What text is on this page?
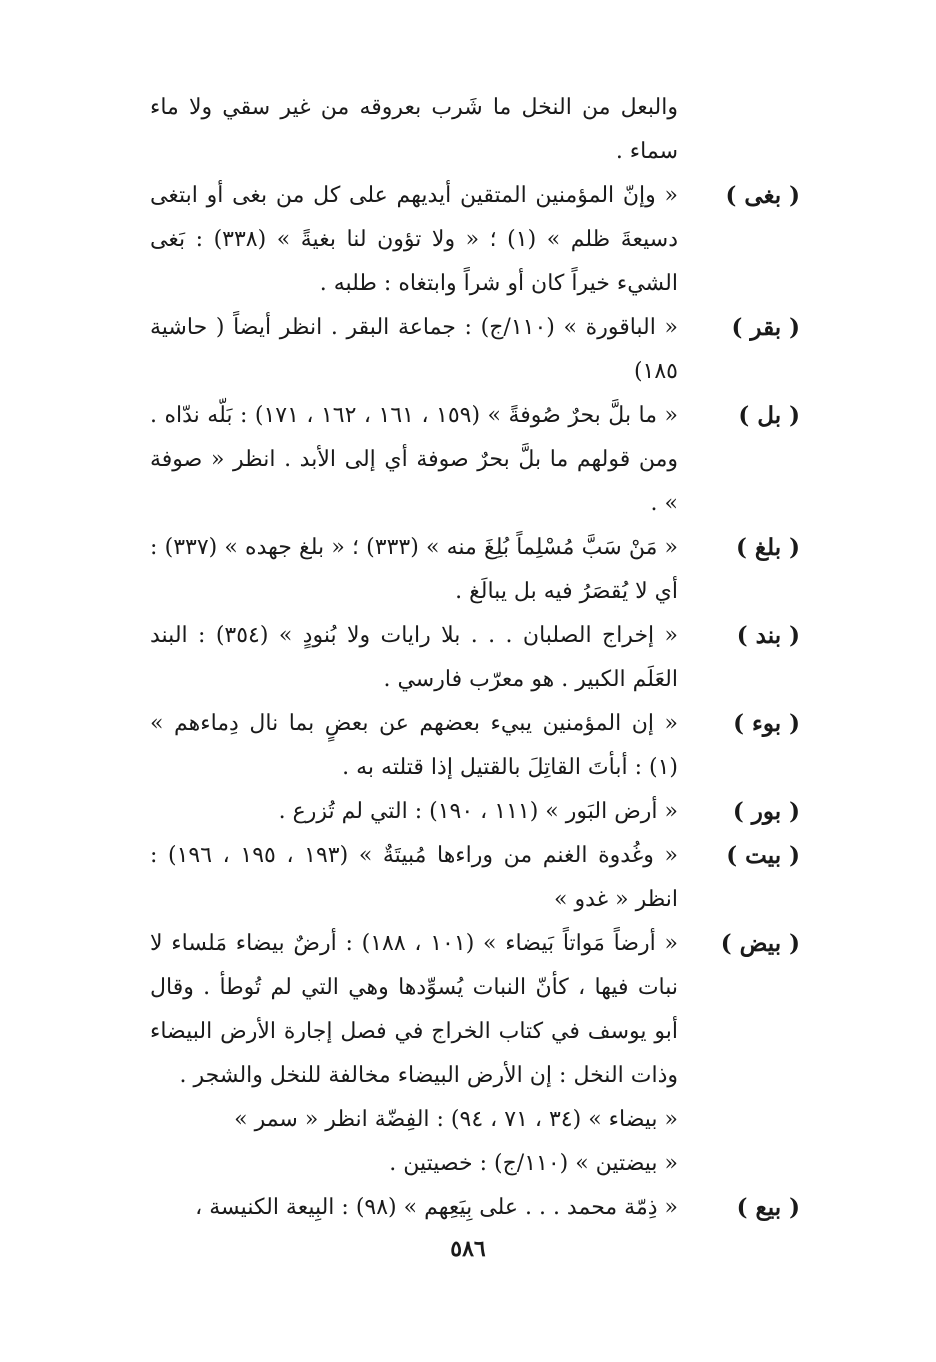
والبعل من النخل ما شَرب بعروقه من غير سقي ولا ماء سماء .

( بغى )

« وإنّ المؤمنين المتقين أيديهم على كل من بغى أو ابتغى دسيعةَ ظلم » (١) ؛ « ولا تؤون لنا بغيةً » (٣٣٨) : بَغى الشيء خيراً كان أو شراً وابتغاه : طلبه .

( بقر )

« الباقورة » (١١٠/ج) : جماعة البقر . انظر أيضاً ( حاشية ١٨٥)

( بل )

« ما بلَّ بحرٌ صُوفةً » (١٥٩ ، ١٦١ ، ١٦٢ ، ١٧١) : بَلّه ندّاه . ومن قولهم ما بلَّ بحرٌ صوفة أي إلى الأبد . انظر « صوفة » .

( بلغ )

« مَنْ سَبَّ مُسْلِماً بُلِغَ منه » (٣٣٣) ؛ « بلغ جهده » (٣٣٧) : أي لا يُقصَرُ فيه بل يبالَغ .

( بند )

« إخراج الصلبان . . . بلا رايات ولا بُنودٍ » (٣٥٤) : البند العَلَم الكبير . هو معرّب فارسي .

( بوء )

« إن المؤمنين يبيء بعضهم عن بعضٍ بما نال دِماءهم » (١) : أبأتَ القاتِلَ بالقتيل إذا قتلته به .

( بور )

« أرض البَور » (١١١ ، ١٩٠) : التي لم تُزرع .

( بيت )

« وغُدوة الغنم من وراءها مُبيتَةٌ » (١٩٣ ، ١٩٥ ، ١٩٦) : انظر « غدو »

( بيض )

« أرضاً مَواتاً بَيضاء » (١٠١ ، ١٨٨) : أرضٌ بيضاء مَلساء لا نبات فيها ، كأنّ النبات يُسوِّدها وهي التي لم تُوطأ . وقال أبو يوسف في كتاب الخراج في فصل إجارة الأرض البيضاء وذات النخل : إن الأرض البيضاء مخالفة للنخل والشجر .

« بيضاء » (٣٤ ، ٧١ ، ٩٤) : الفِضّة انظر « سمر »

« بيضتين » (١١٠/ج) : خصيتين .

( بيع )

« ذِمّة محمد . . . على بِيَعِهم » (٩٨) : البِيعة الكنيسة ،

٥٨٦
